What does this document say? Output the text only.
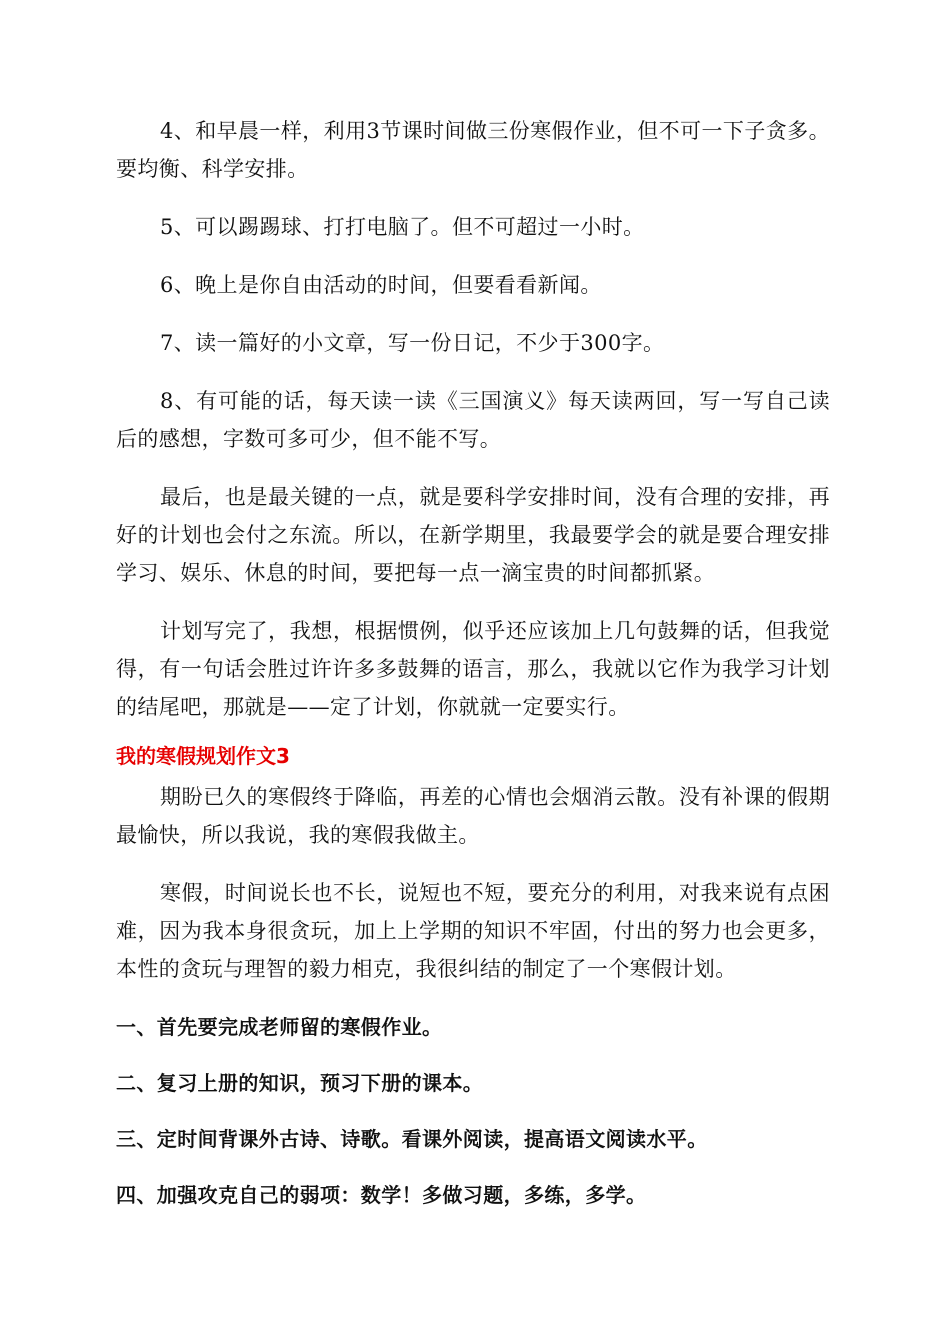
4、和早晨一样，利用3节课时间做三份寒假作业，但不可一下子贪多。要均衡、科学安排。

5、可以踢踢球、打打电脑了。但不可超过一小时。

6、晚上是你自由活动的时间，但要看看新闻。

7、读一篇好的小文章，写一份日记，不少于300字。

8、有可能的话，每天读一读《三国演义》每天读两回，写一写自己读后的感想，字数可多可少，但不能不写。

最后，也是最关键的一点，就是要科学安排时间，没有合理的安排，再好的计划也会付之东流。所以，在新学期里，我最要学会的就是要合理安排学习、娱乐、休息的时间，要把每一点一滴宝贵的时间都抓紧。

计划写完了，我想，根据惯例，似乎还应该加上几句鼓舞的话，但我觉得，有一句话会胜过许许多多鼓舞的语言，那么，我就以它作为我学习计划的结尾吧，那就是——定了计划，你就就一定要实行。

我的寒假规划作文3

期盼已久的寒假终于降临，再差的心情也会烟消云散。没有补课的假期最愉快，所以我说，我的寒假我做主。

寒假，时间说长也不长，说短也不短，要充分的利用，对我来说有点困难，因为我本身很贪玩，加上上学期的知识不牢固，付出的努力也会更多，本性的贪玩与理智的毅力相克，我很纠结的制定了一个寒假计划。

一、首先要完成老师留的寒假作业。

二、复习上册的知识，预习下册的课本。

三、定时间背课外古诗、诗歌。看课外阅读，提高语文阅读水平。

四、加强攻克自己的弱项：数学！多做习题，多练，多学。
